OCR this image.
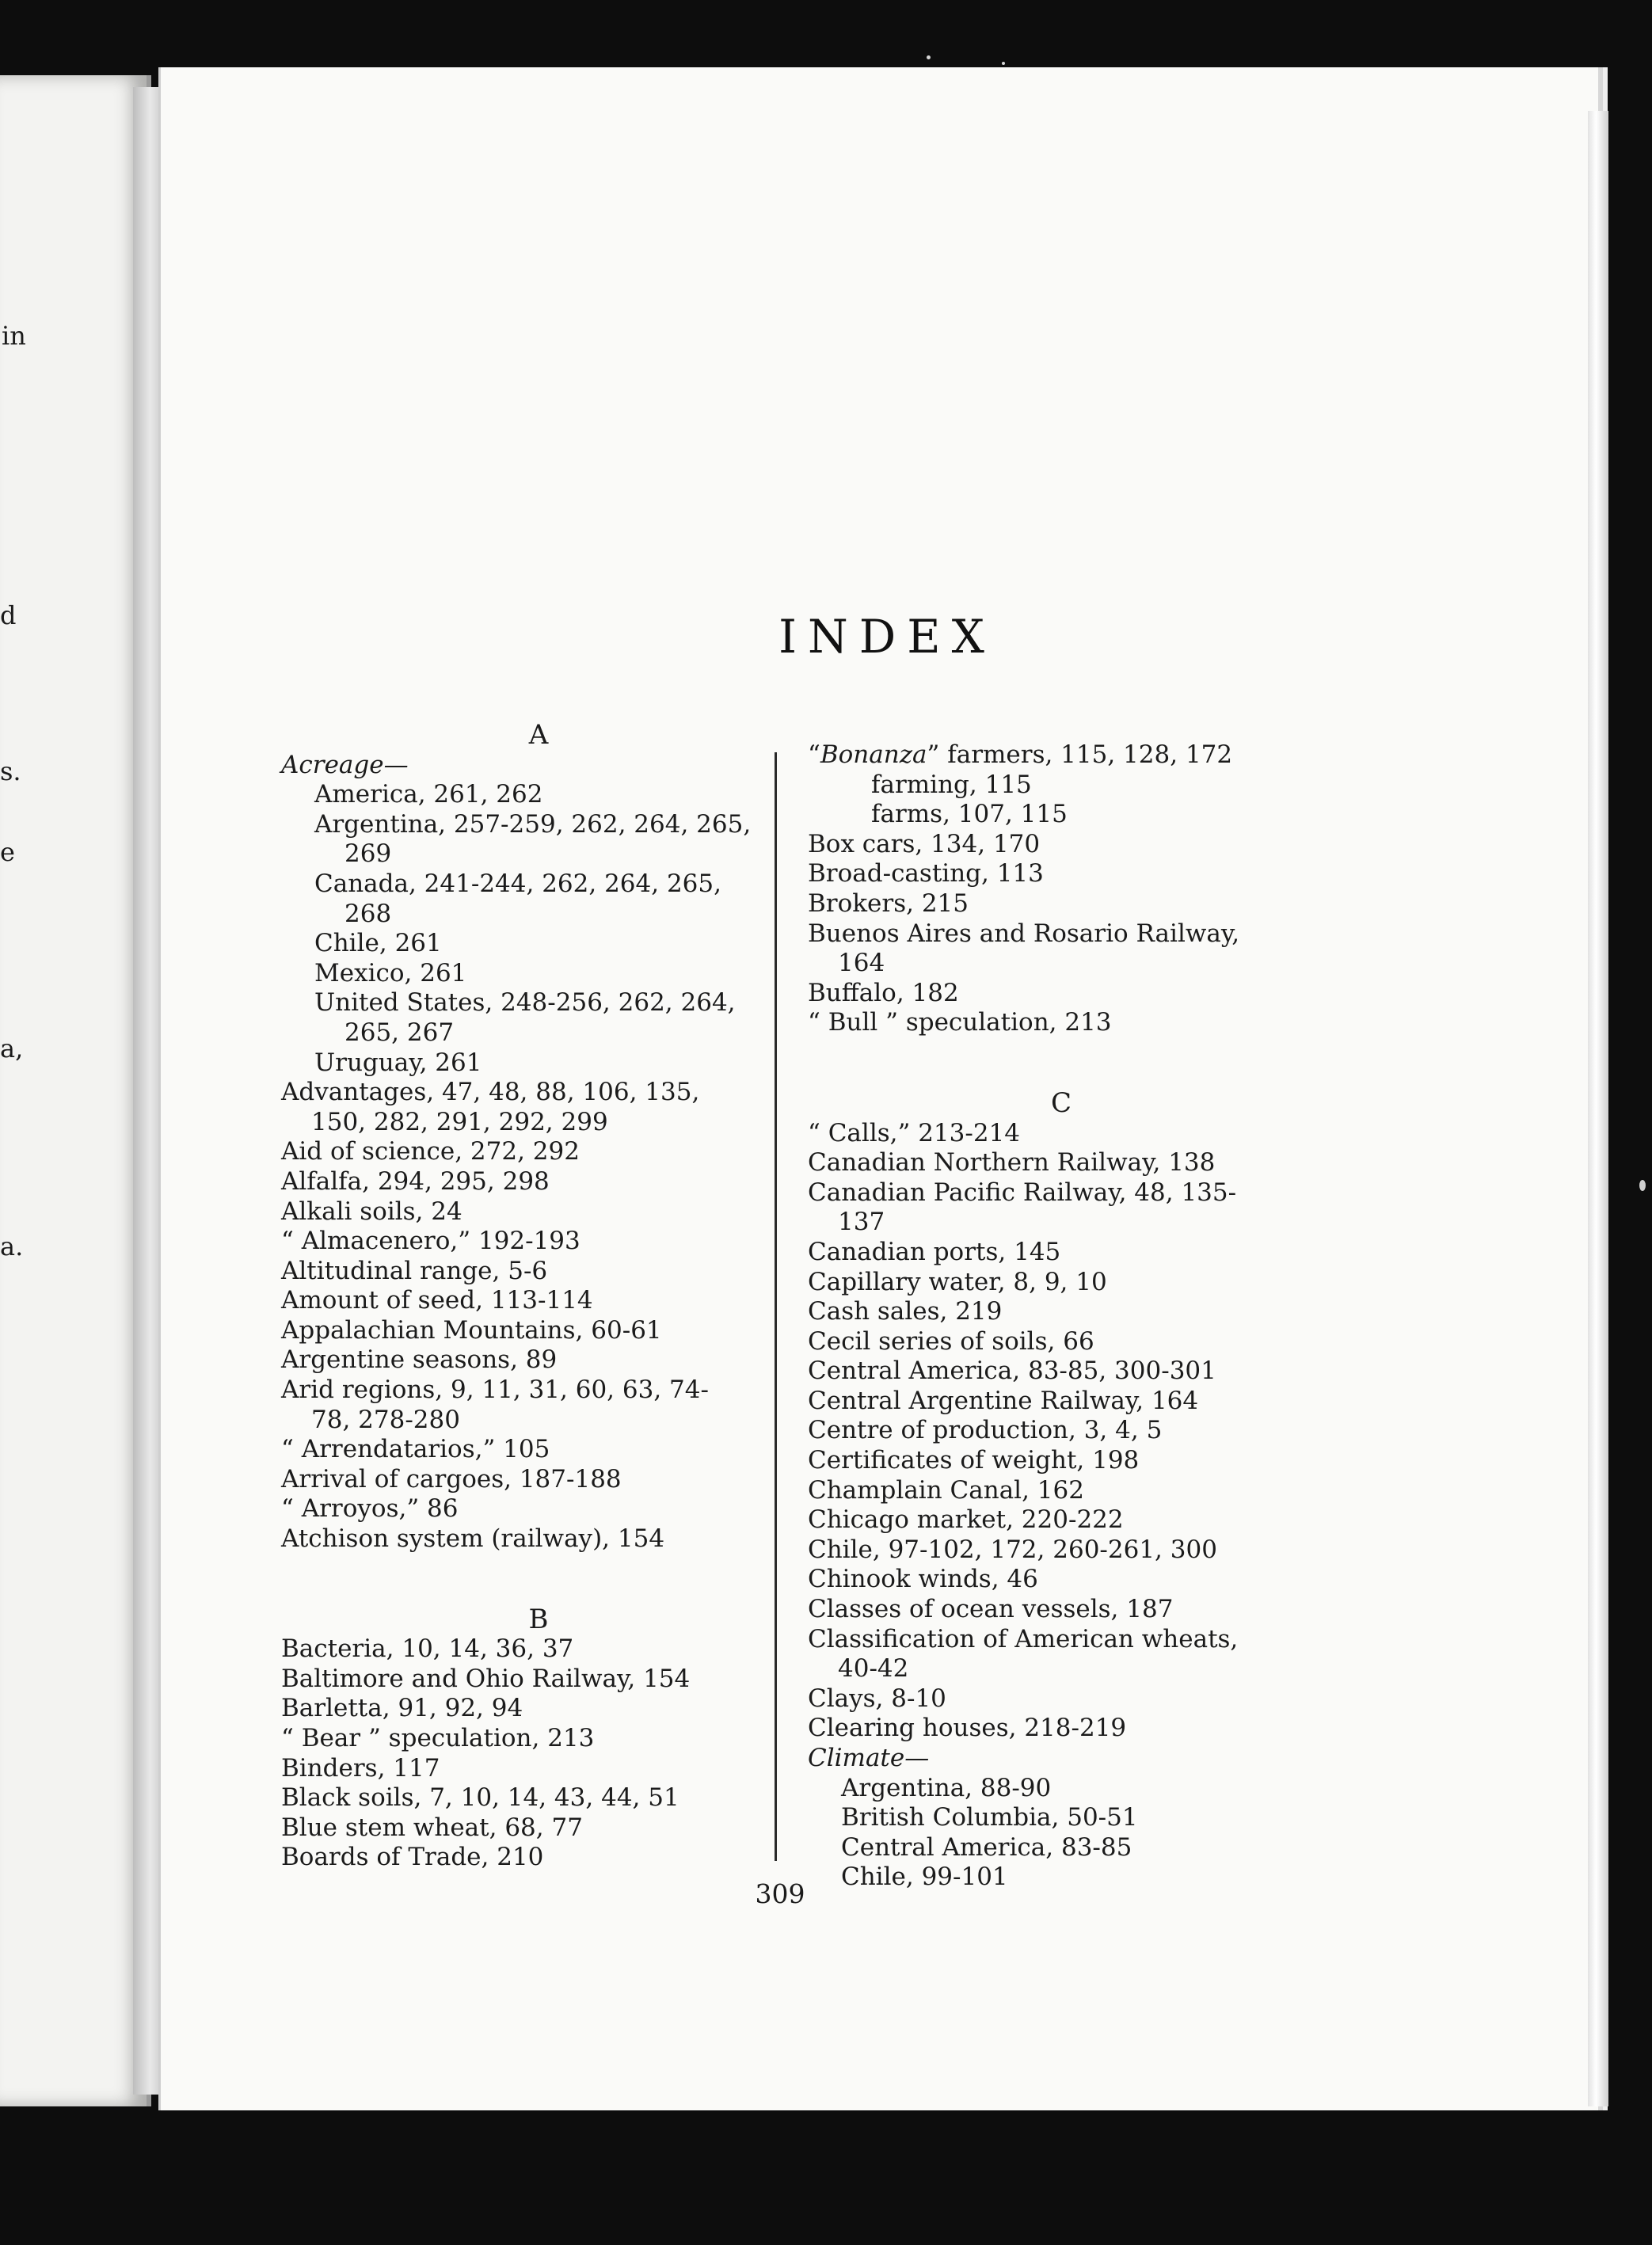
in
d
s.
e
a,
a.
INDEX
A
Acreage—
America, 261, 262
Argentina, 257-259, 262, 264, 265,
269
Canada, 241-244, 262, 264, 265,
268
Chile, 261
Mexico, 261
United States, 248-256, 262, 264,
265, 267
Uruguay, 261
Advantages, 47, 48, 88, 106, 135,
150, 282, 291, 292, 299
Aid of science, 272, 292
Alfalfa, 294, 295, 298
Alkali soils, 24
“ Almacenero,” 192-193
Altitudinal range, 5-6
Amount of seed, 113-114
Appalachian Mountains, 60-61
Argentine seasons, 89
Arid regions, 9, 11, 31, 60, 63, 74-
78, 278-280
“ Arrendatarios,” 105
Arrival of cargoes, 187-188
“ Arroyos,” 86
Atchison system (railway), 154
B
Bacteria, 10, 14, 36, 37
Baltimore and Ohio Railway, 154
Barletta, 91, 92, 94
“ Bear ” speculation, 213
Binders, 117
Black soils, 7, 10, 14, 43, 44, 51
Blue stem wheat, 68, 77
Boards of Trade, 210
“Bonanza” farmers, 115, 128, 172
farming, 115
farms, 107, 115
Box cars, 134, 170
Broad-casting, 113
Brokers, 215
Buenos Aires and Rosario Railway,
164
Buffalo, 182
“ Bull ” speculation, 213
C
“ Calls,” 213-214
Canadian Northern Railway, 138
Canadian Pacific Railway, 48, 135-
137
Canadian ports, 145
Capillary water, 8, 9, 10
Cash sales, 219
Cecil series of soils, 66
Central America, 83-85, 300-301
Central Argentine Railway, 164
Centre of production, 3, 4, 5
Certificates of weight, 198
Champlain Canal, 162
Chicago market, 220-222
Chile, 97-102, 172, 260-261, 300
Chinook winds, 46
Classes of ocean vessels, 187
Classification of American wheats,
40-42
Clays, 8-10
Clearing houses, 218-219
Climate—
Argentina, 88-90
British Columbia, 50-51
Central America, 83-85
Chile, 99-101
309
